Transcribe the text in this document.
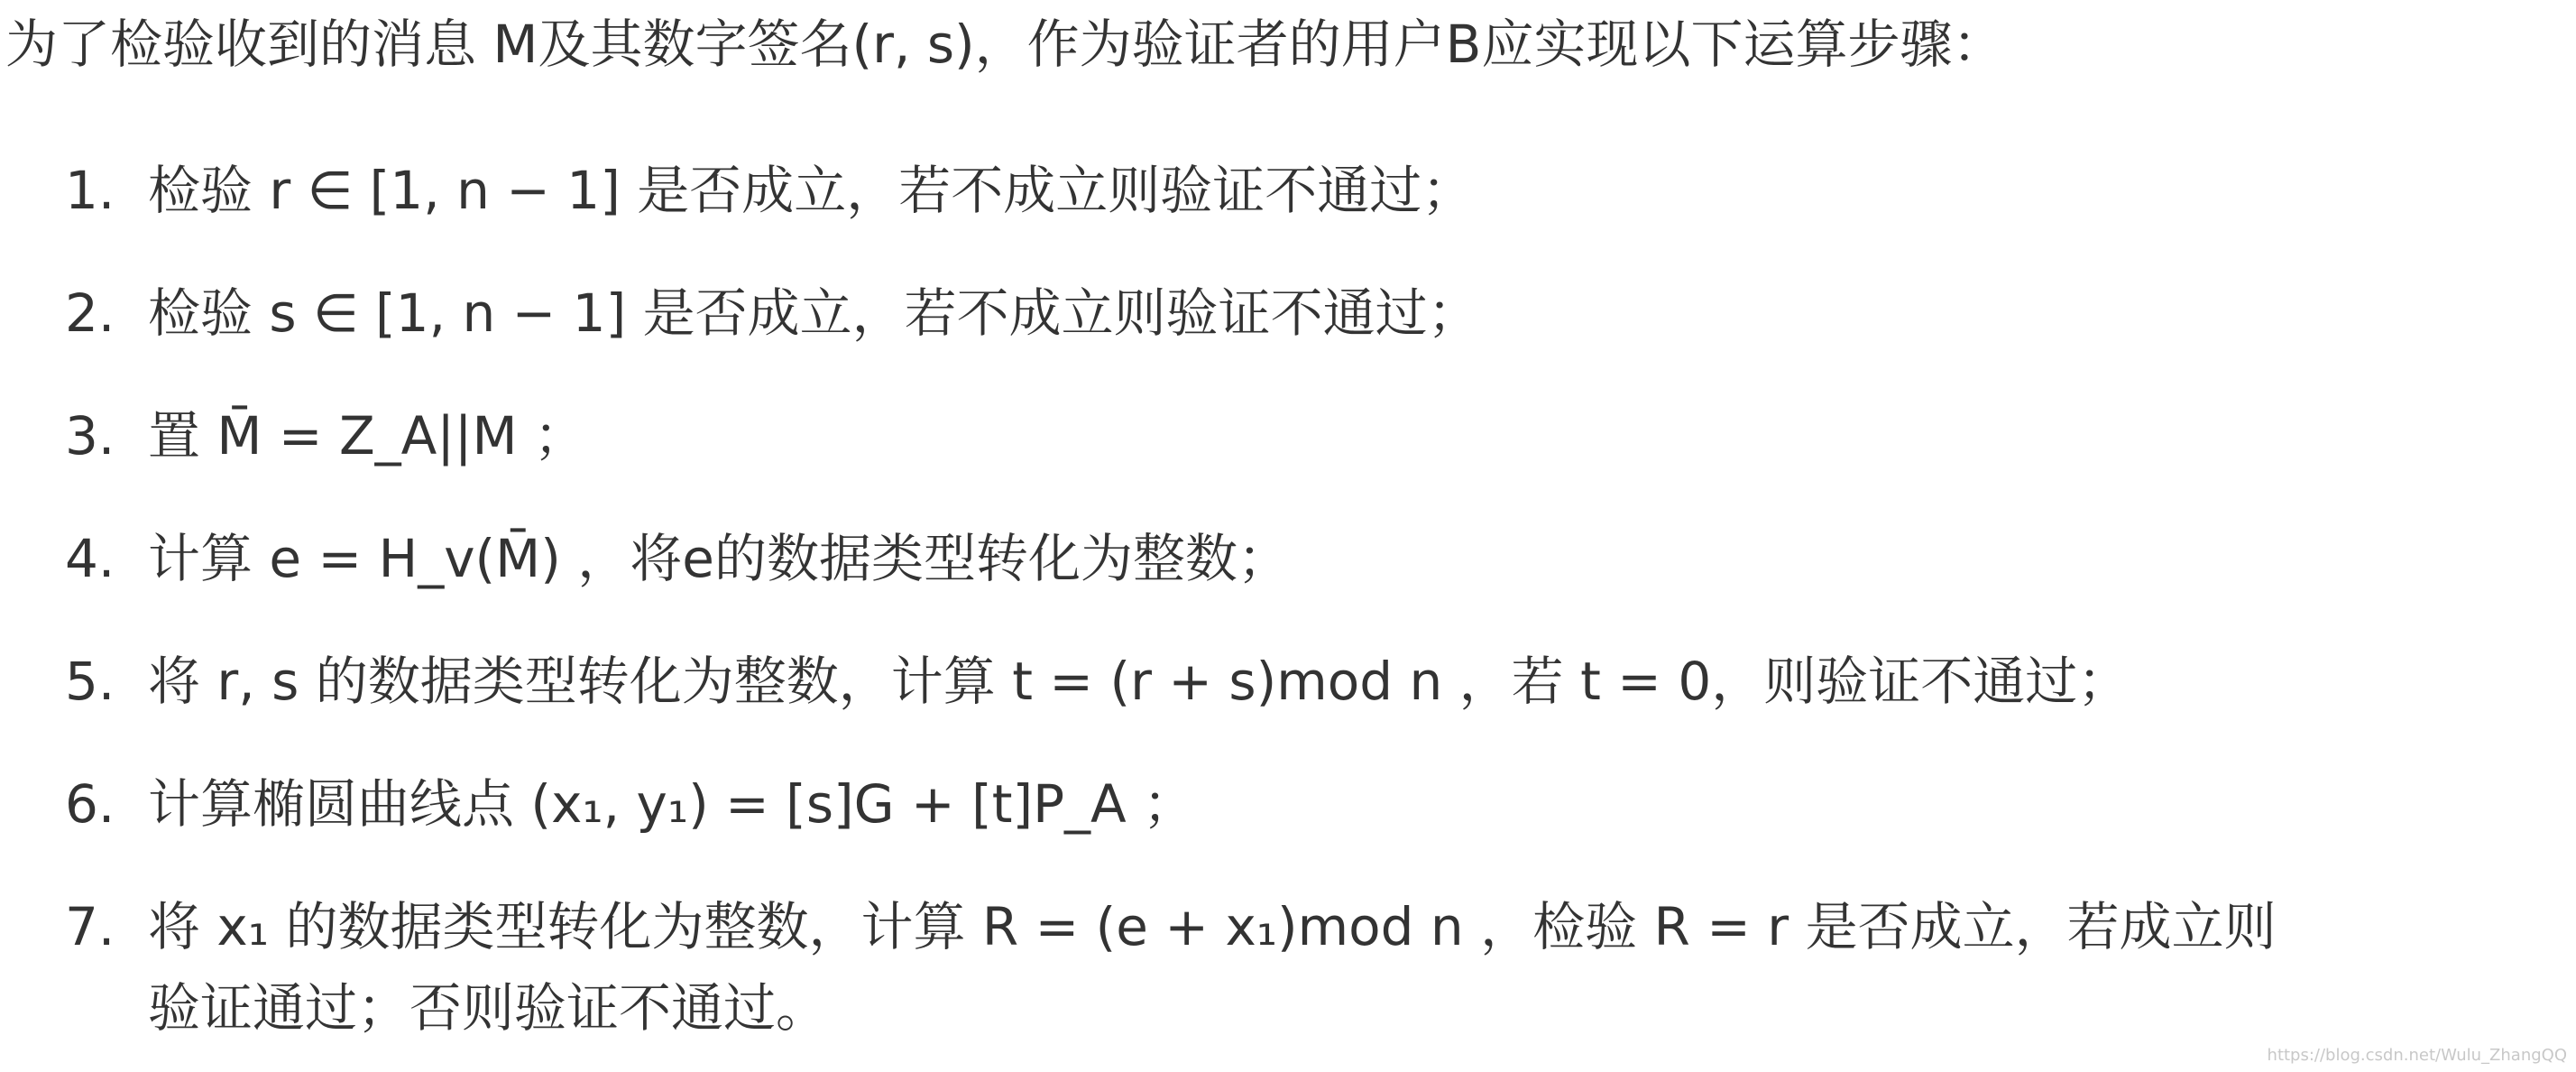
为了检验收到的消息 M及其数字签名(r, s)，作为验证者的用户B应实现以下运算步骤：
1. 检验 r ∈ [1, n − 1] 是否成立，若不成立则验证不通过；
2. 检验 s ∈ [1, n − 1] 是否成立，若不成立则验证不通过；
3. 置 M̄ = Z_A||M ；
4. 计算 e = H_v(M̄) ，将e的数据类型转化为整数；
5. 将 r, s 的数据类型转化为整数，计算 t = (r + s)mod n ，若 t = 0，则验证不通过；
6. 计算椭圆曲线点 (x₁, y₁) = [s]G + [t]P_A ；
7. 将 x₁ 的数据类型转化为整数，计算 R = (e + x₁)mod n ，检验 R = r 是否成立，若成立则
验证通过；否则验证不通过。
https://blog.csdn.net/Wulu_ZhangQQ
